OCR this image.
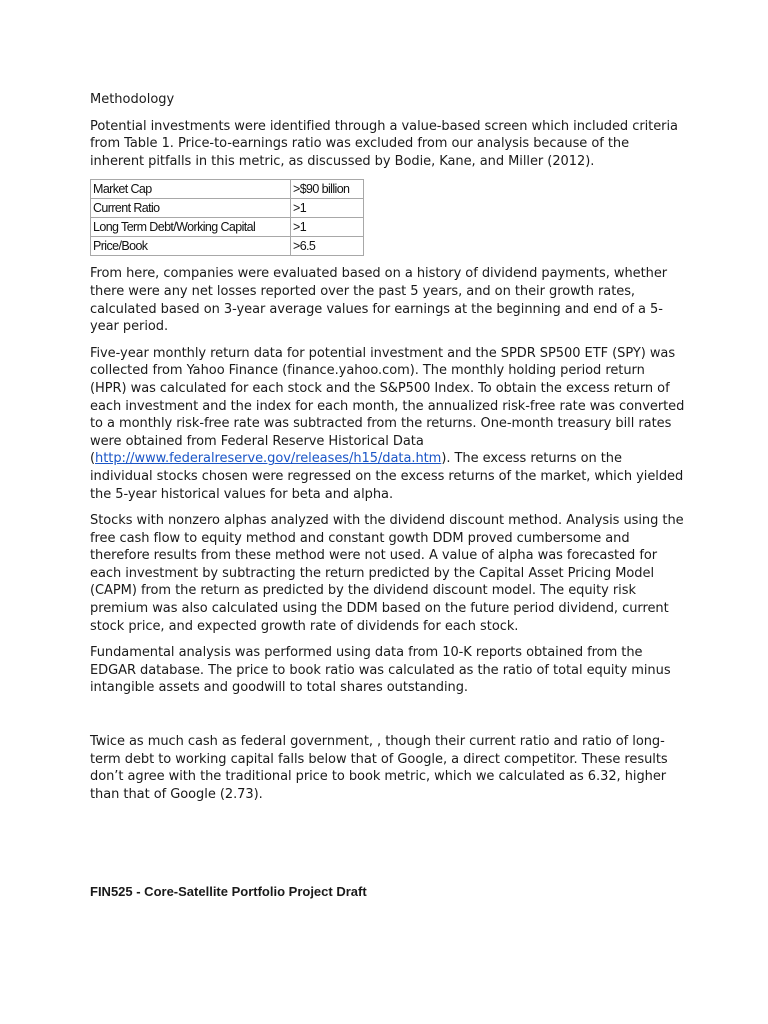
Methodology

Potential investments were identified through a value-based screen which included criteria from Table 1. Price-to-earnings ratio was excluded from our analysis because of the inherent pitfalls in this metric, as discussed by Bodie, Kane, and Miller (2012).

Market Cap	>$90 billion
Current Ratio	>1
Long Term Debt/Working Capital	>1
Price/Book	>6.5

From here, companies were evaluated based on a history of dividend payments, whether there were any net losses reported over the past 5 years, and on their growth rates, calculated based on 3-year average values for earnings at the beginning and end of a 5-year period.

Five-year monthly return data for potential investment and the SPDR SP500 ETF (SPY) was collected from Yahoo Finance (finance.yahoo.com). The monthly holding period return (HPR) was calculated for each stock and the S&P500 Index. To obtain the excess return of each investment and the index for each month, the annualized risk-free rate was converted to a monthly risk-free rate was subtracted from the returns. One-month treasury bill rates were obtained from Federal Reserve Historical Data (http://www.federalreserve.gov/releases/h15/data.htm). The excess returns on the individual stocks chosen were regressed on the excess returns of the market, which yielded the 5-year historical values for beta and alpha.

Stocks with nonzero alphas analyzed with the dividend discount method. Analysis using the free cash flow to equity method and constant gowth DDM proved cumbersome and therefore results from these method were not used. A value of alpha was forecasted for each investment by subtracting the return predicted by the Capital Asset Pricing Model (CAPM) from the return as predicted by the dividend discount model. The equity risk premium was also calculated using the DDM based on the future period dividend, current stock price, and expected growth rate of dividends for each stock.

Fundamental analysis was performed using data from 10-K reports obtained from the EDGAR database. The price to book ratio was calculated as the ratio of total equity minus intangible assets and goodwill to total shares outstanding.

Twice as much cash as federal government, , though their current ratio and ratio of long-term debt to working capital falls below that of Google, a direct competitor. These results don’t agree with the traditional price to book metric, which we calculated as 6.32, higher than that of Google (2.73).

FIN525 - Core-Satellite Portfolio Project Draft
